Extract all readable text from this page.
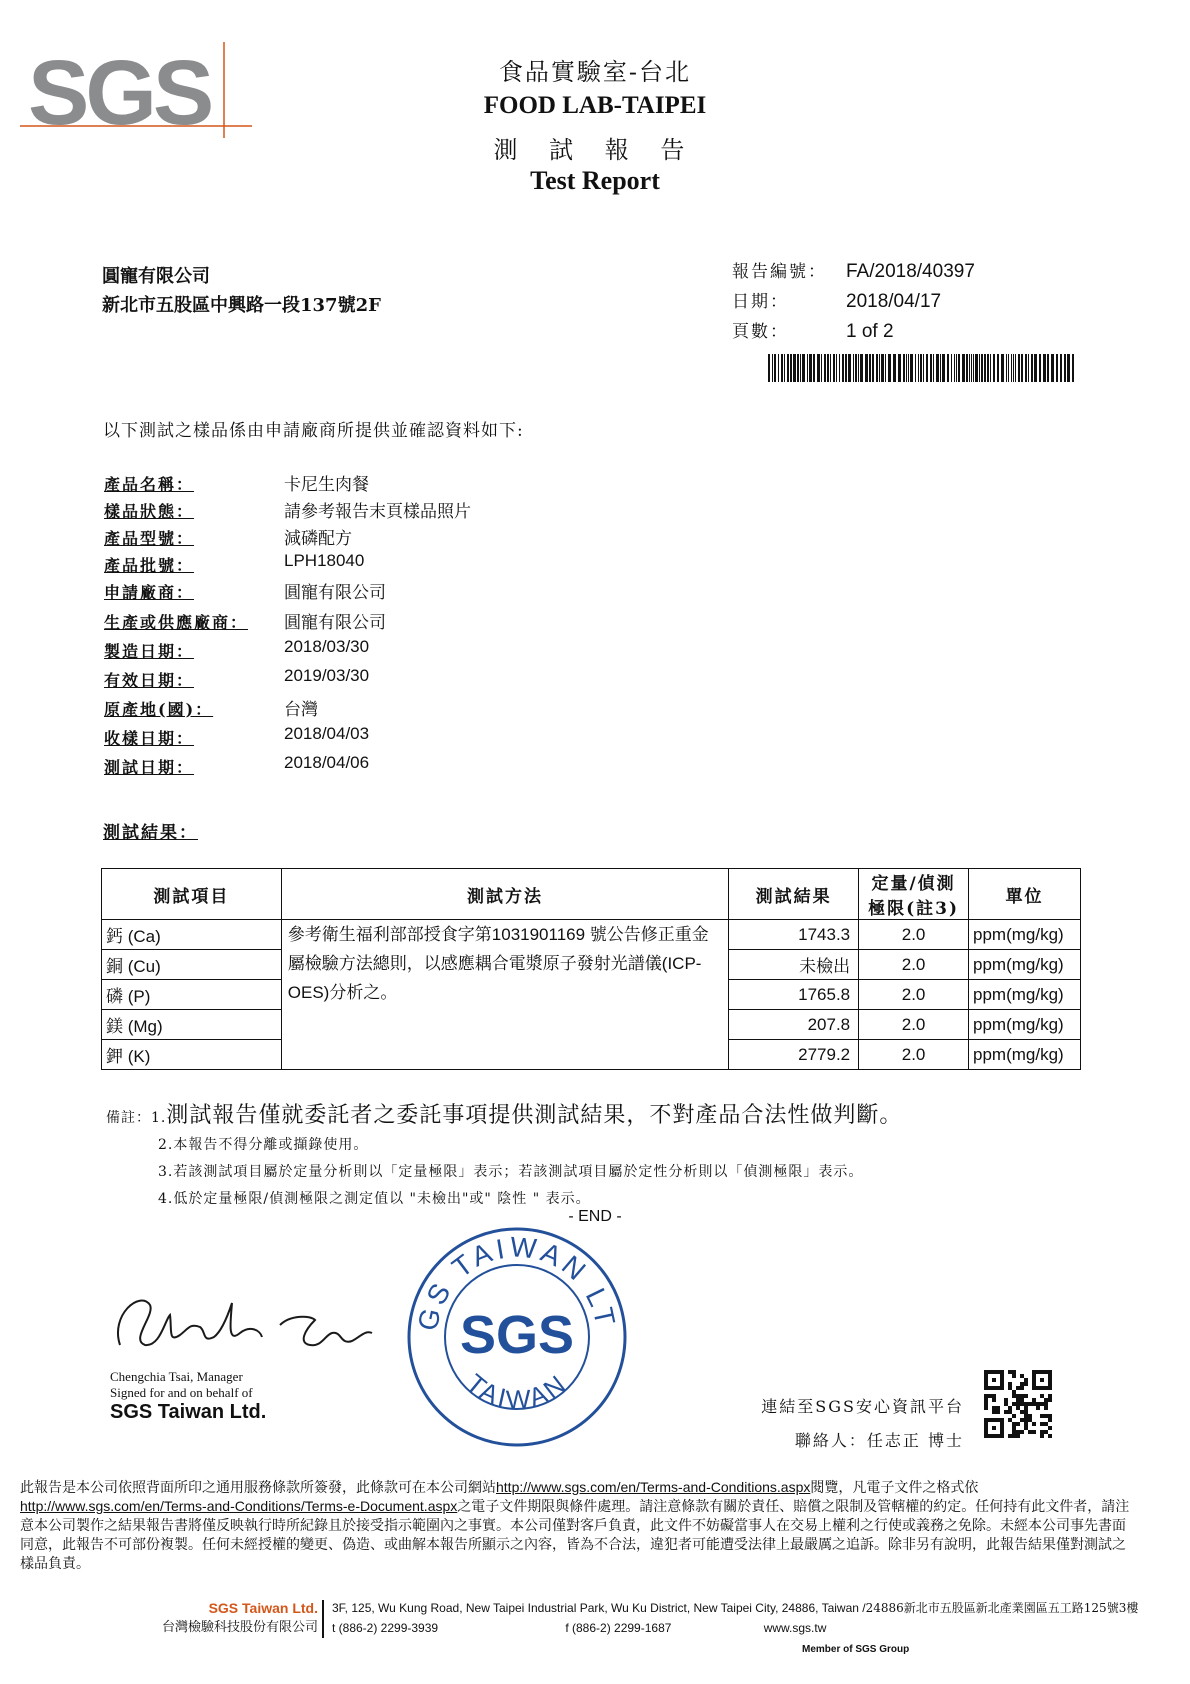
SGS	食品實驗室-台北
FOOD LAB-TAIPEI
測 試 報 告
Test Report
圓寵有限公司
新北市五股區中興路一段137號2F
報告編號： FA/2018/40397
日期：	2018/04/17
頁數：	1 of 2
以下測試之樣品係由申請廠商所提供並確認資料如下:
產品名稱：	卡尼生肉餐
樣品狀態：	請參考報告末頁樣品照片
產品型號：	減磷配方
產品批號：	LPH18040
申請廠商：	圓寵有限公司
生產或供應廠商： 圓寵有限公司
製造日期：	2018/03/30
有效日期：	2019/03/30
原產地(國)：	台灣
收樣日期：	2018/04/03
測試日期：	2018/04/06
測試結果：
測試項目	測試方法	測試結果	定量/偵測極限(註3)	單位
鈣 (Ca)	參考衛生福利部部授食字第1031901169 號公告修正重金屬檢驗方法總則，以感應耦合電漿原子發射光譜儀(ICP-OES)分析之。	1743.3	2.0	ppm(mg/kg)
銅 (Cu)		未檢出	2.0	ppm(mg/kg)
磷 (P)		1765.8	2.0	ppm(mg/kg)
鎂 (Mg)		207.8	2.0	ppm(mg/kg)
鉀 (K)		2779.2	2.0	ppm(mg/kg)
備註：1.測試報告僅就委託者之委託事項提供測試結果，不對產品合法性做判斷。
2.本報告不得分離或擷錄使用。
3.若該測試項目屬於定量分析則以「定量極限」表示；若該測試項目屬於定性分析則以「偵測極限」表示。
4.低於定量極限/偵測極限之測定值以 "未檢出"或" 陰性 " 表示。
- END -
GS TAIWAN LT
SGS
TAIWAN
Chengchia Tsai, Manager
Signed for and on behalf of
SGS Taiwan Ltd.	連結至SGS安心資訊平台
聯絡人：任志正 博士
此報告是本公司依照背面所印之通用服務條款所簽發，此條款可在本公司網站http://www.sgs.com/en/Terms-and-Conditions.aspx閱覽，凡電子文件之格式依http://www.sgs.com/en/Terms-and-Conditions/Terms-e-Document.aspx之電子文件期限與條件處理。請注意條款有關於責任、賠償之限制及管轄權的約定。任何持有此文件者，請注意本公司製作之結果報告書將僅反映執行時所紀錄且於接受指示範圍內之事實。本公司僅對客戶負責，此文件不妨礙當事人在交易上權利之行使或義務之免除。未經本公司事先書面同意，此報告不可部份複製。任何未經授權的變更、偽造、或曲解本報告所顯示之內容，皆為不合法，違犯者可能遭受法律上最嚴厲之追訴。除非另有說明，此報告結果僅對測試之樣品負責。
SGS Taiwan Ltd.
台灣檢驗科技股份有限公司
3F, 125, Wu Kung Road, New Taipei Industrial Park, Wu Ku District, New Taipei City, 24886, Taiwan /24886新北市五股區新北產業園區五工路125號3樓
t (886-2) 2299-3939	f (886-2) 2299-1687	www.sgs.tw
Member of SGS Group
